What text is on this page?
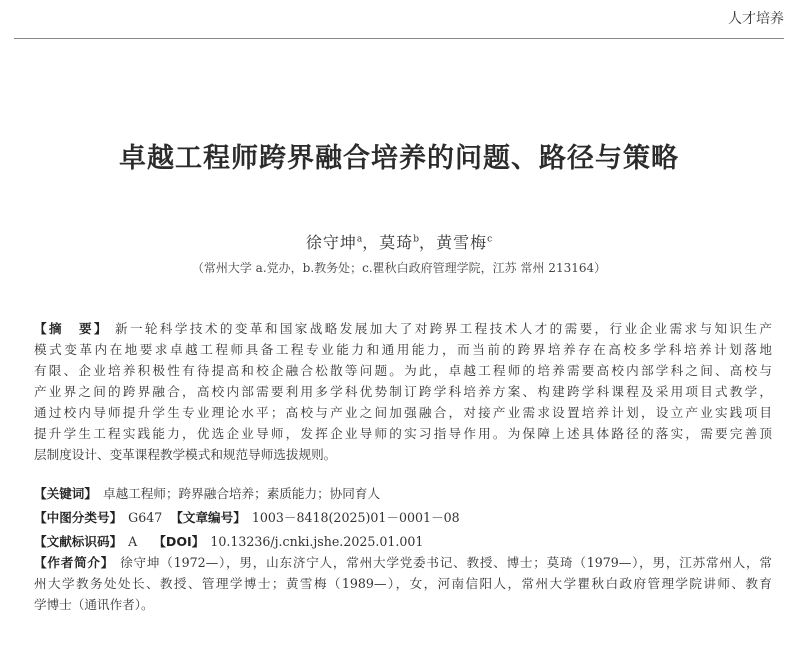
人才培养
卓越工程师跨界融合培养的问题、路径与策略
徐守坤$^a$，莫琦$^b$，黄雪梅$^c$
（常州大学 a.党办，b.教务处；c.瞿秋白政府管理学院，江苏 常州 213164）
【摘　要】 新一轮科学技术的变革和国家战略发展加大了对跨界工程技术人才的需要，行业企业需求与知识生产
模式变革内在地要求卓越工程师具备工程专业能力和通用能力，而当前的跨界培养存在高校多学科培养计划落地
有限、企业培养积极性有待提高和校企融合松散等问题。为此，卓越工程师的培养需要高校内部学科之间、高校与
产业界之间的跨界融合，高校内部需要利用多学科优势制订跨学科培养方案、构建跨学科课程及采用项目式教学，
通过校内导师提升学生专业理论水平；高校与产业之间加强融合，对接产业需求设置培养计划，设立产业实践项目
提升学生工程实践能力，优选企业导师，发挥企业导师的实习指导作用。为保障上述具体路径的落实，需要完善顶
层制度设计、变革课程教学模式和规范导师选拔规则。
【关键词】 卓越工程师；跨界融合培养；素质能力；协同育人
【中图分类号】 G647 【文章编号】 1003－8418(2025)01－0001－08
【文献标识码】 A 【DOI】 10.13236/j.cnki.jshe.2025.01.001
【作者简介】 徐守坤（1972—），男，山东济宁人，常州大学党委书记、教授、博士；莫琦（1979—），男，江苏常州人，常
州大学教务处处长、教授、管理学博士；黄雪梅（1989—），女，河南信阳人，常州大学瞿秋白政府管理学院讲师、教育
学博士（通讯作者）。
